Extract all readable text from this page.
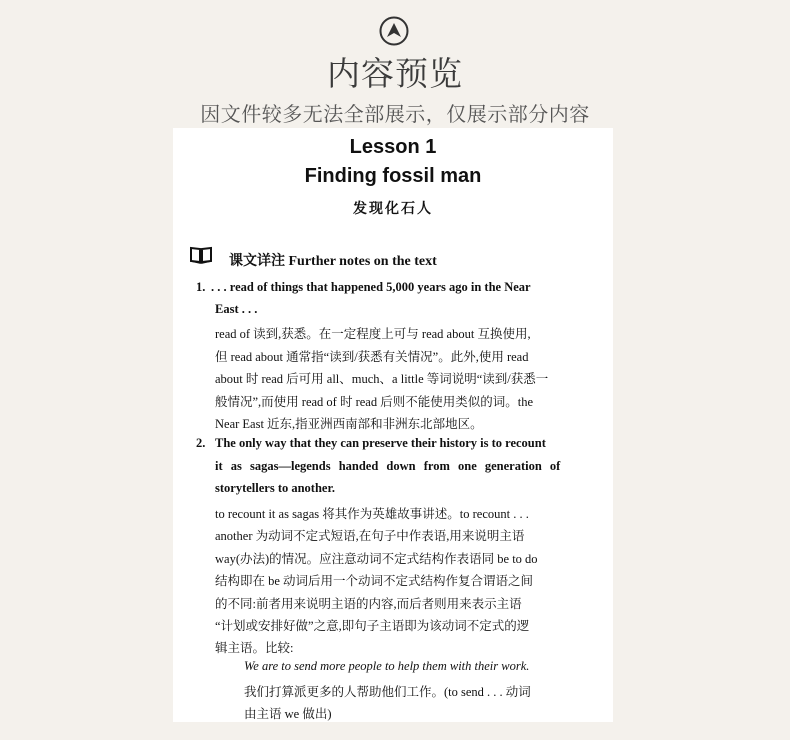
内容预览
因文件较多无法全部展示，仅展示部分内容
Lesson 1
Finding fossil man
发现化石人
课文详注 Further notes on the text
1. . . . read of things that happened 5,000 years ago in the Near
East . . .
read of 读到,获悉。在一定程度上可与 read about 互换使用,
但 read about 通常指“读到/获悉有关情况”。此外,使用 read
about 时 read 后可用 all、much、a little 等词说明“读到/获悉一
般情况”,而使用 read of 时 read 后则不能使用类似的词。the
Near East 近东,指亚洲西南部和非洲东北部地区。
2. The only way that they can preserve their history is to recount
it as sagas—legends handed down from one generation of
storytellers to another.
to recount it as sagas 将其作为英雄故事讲述。to recount . . .
another 为动词不定式短语,在句子中作表语,用来说明主语
way(办法)的情况。应注意动词不定式结构作表语同 be to do
结构即在 be 动词后用一个动词不定式结构作复合谓语之间
的不同:前者用来说明主语的内容,而后者则用来表示主语
“计划或安排好做”之意,即句子主语即为该动词不定式的逻
辑主语。比较:
We are to send more people to help them with their work.
我们打算派更多的人帮助他们工作。(to send . . . 动词
由主语 we 做出)
